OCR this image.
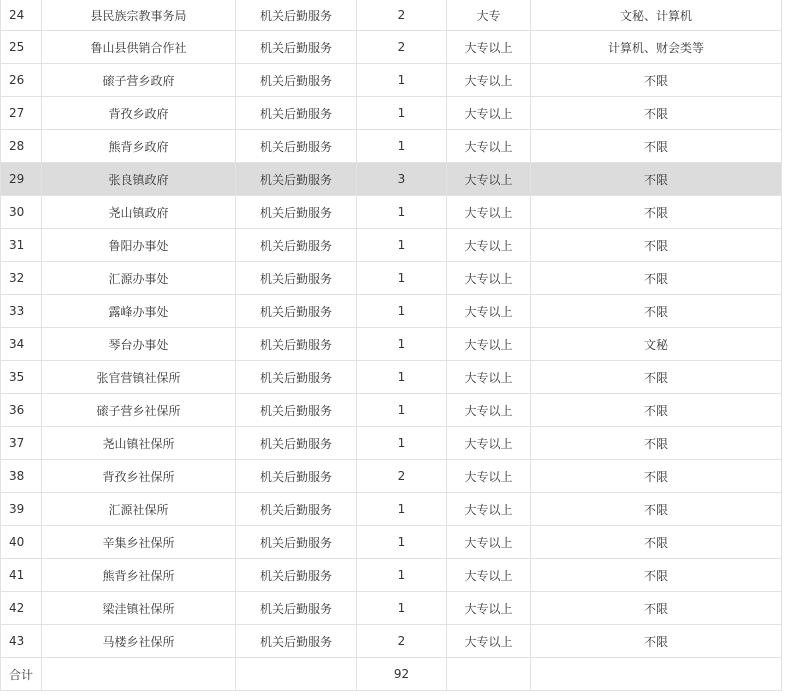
24	县民族宗教事务局	机关后勤服务	2	大专	文秘、计算机
25	鲁山县供销合作社	机关后勤服务	2	大专以上	计算机、财会类等
26	磙子营乡政府	机关后勤服务	1	大专以上	不限
27	背孜乡政府	机关后勤服务	1	大专以上	不限
28	熊背乡政府	机关后勤服务	1	大专以上	不限
29	张良镇政府	机关后勤服务	3	大专以上	不限
30	尧山镇政府	机关后勤服务	1	大专以上	不限
31	鲁阳办事处	机关后勤服务	1	大专以上	不限
32	汇源办事处	机关后勤服务	1	大专以上	不限
33	露峰办事处	机关后勤服务	1	大专以上	不限
34	琴台办事处	机关后勤服务	1	大专以上	文秘
35	张官营镇社保所	机关后勤服务	1	大专以上	不限
36	磙子营乡社保所	机关后勤服务	1	大专以上	不限
37	尧山镇社保所	机关后勤服务	1	大专以上	不限
38	背孜乡社保所	机关后勤服务	2	大专以上	不限
39	汇源社保所	机关后勤服务	1	大专以上	不限
40	辛集乡社保所	机关后勤服务	1	大专以上	不限
41	熊背乡社保所	机关后勤服务	1	大专以上	不限
42	梁洼镇社保所	机关后勤服务	1	大专以上	不限
43	马楼乡社保所	机关后勤服务	2	大专以上	不限
合计			92		
